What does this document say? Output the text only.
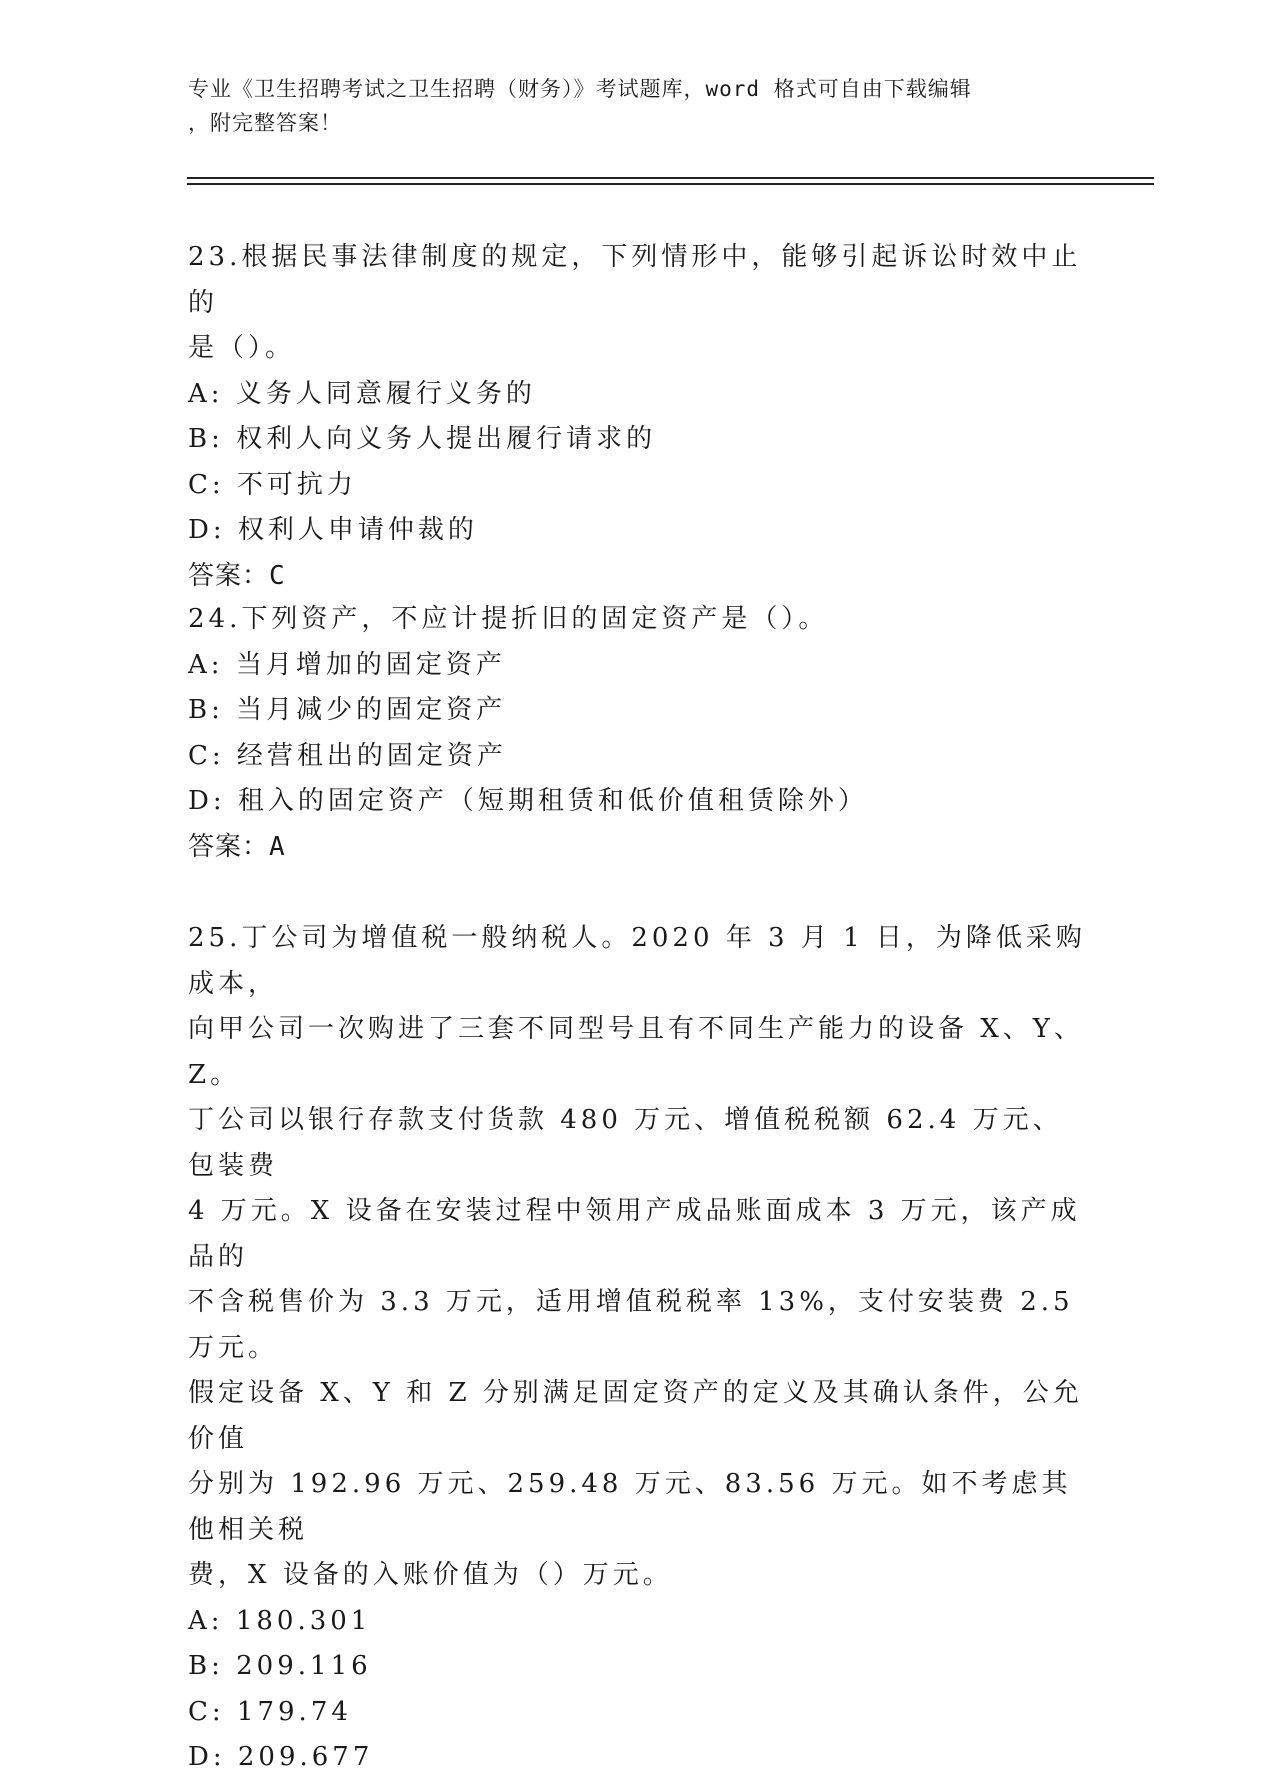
专业《卫生招聘考试之卫生招聘（财务）》考试题库，word 格式可自由下载编辑
，附完整答案！

23.根据民事法律制度的规定，下列情形中，能够引起诉讼时效中止的

是（）。

A: 义务人同意履行义务的

B: 权利人向义务人提出履行请求的

C: 不可抗力

D: 权利人申请仲裁的

答案：C

24.下列资产，不应计提折旧的固定资产是（）。

A: 当月增加的固定资产

B: 当月减少的固定资产

C: 经营租出的固定资产

D: 租入的固定资产（短期租赁和低价值租赁除外）

答案：A

25.丁公司为增值税一般纳税人。2020 年 3 月 1 日，为降低采购成本，

向甲公司一次购进了三套不同型号且有不同生产能力的设备 X、Y、Z。

丁公司以银行存款支付货款 480 万元、增值税税额 62.4 万元、包装费

4 万元。X 设备在安装过程中领用产成品账面成本 3 万元，该产成品的

不含税售价为 3.3 万元，适用增值税税率 13%，支付安装费 2.5 万元。

假定设备 X、Y 和 Z 分别满足固定资产的定义及其确认条件，公允价值

分别为 192.96 万元、259.48 万元、83.56 万元。如不考虑其他相关税

费，X 设备的入账价值为（）万元。

A: 180.301

B: 209.116

C: 179.74

D: 209.677
